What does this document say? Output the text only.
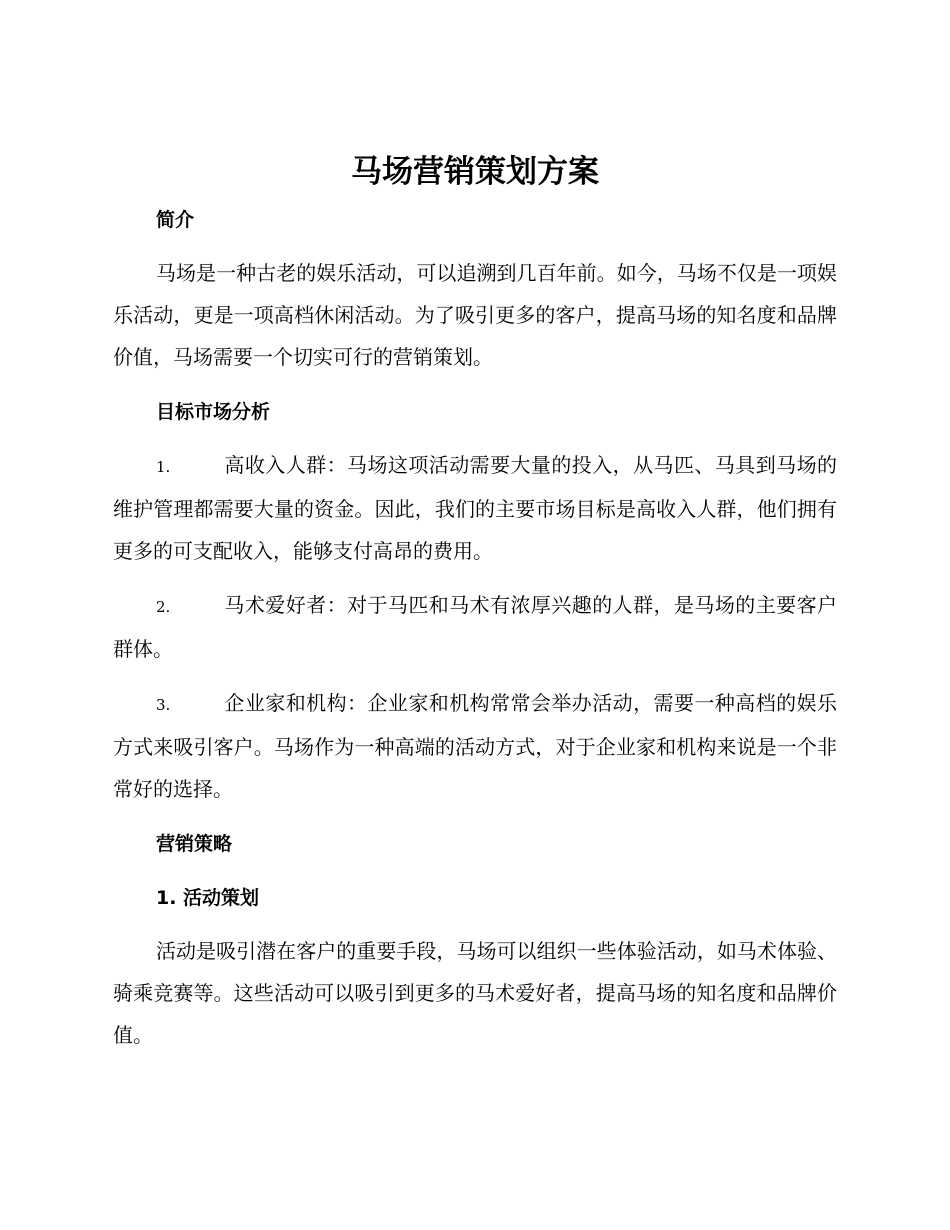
马场营销策划方案
简介

马场是一种古老的娱乐活动，可以追溯到几百年前。如今，马场不仅是一项娱乐活动，更是一项高档休闲活动。为了吸引更多的客户，提高马场的知名度和品牌价值，马场需要一个切实可行的营销策划。

目标市场分析

1.	高收入人群：马场这项活动需要大量的投入，从马匹、马具到马场的维护管理都需要大量的资金。因此，我们的主要市场目标是高收入人群，他们拥有更多的可支配收入，能够支付高昂的费用。

2.	马术爱好者：对于马匹和马术有浓厚兴趣的人群，是马场的主要客户群体。

3.	企业家和机构：企业家和机构常常会举办活动，需要一种高档的娱乐方式来吸引客户。马场作为一种高端的活动方式，对于企业家和机构来说是一个非常好的选择。

营销策略
1. 活动策划

活动是吸引潜在客户的重要手段，马场可以组织一些体验活动，如马术体验、骑乘竞赛等。这些活动可以吸引到更多的马术爱好者，提高马场的知名度和品牌价值。
